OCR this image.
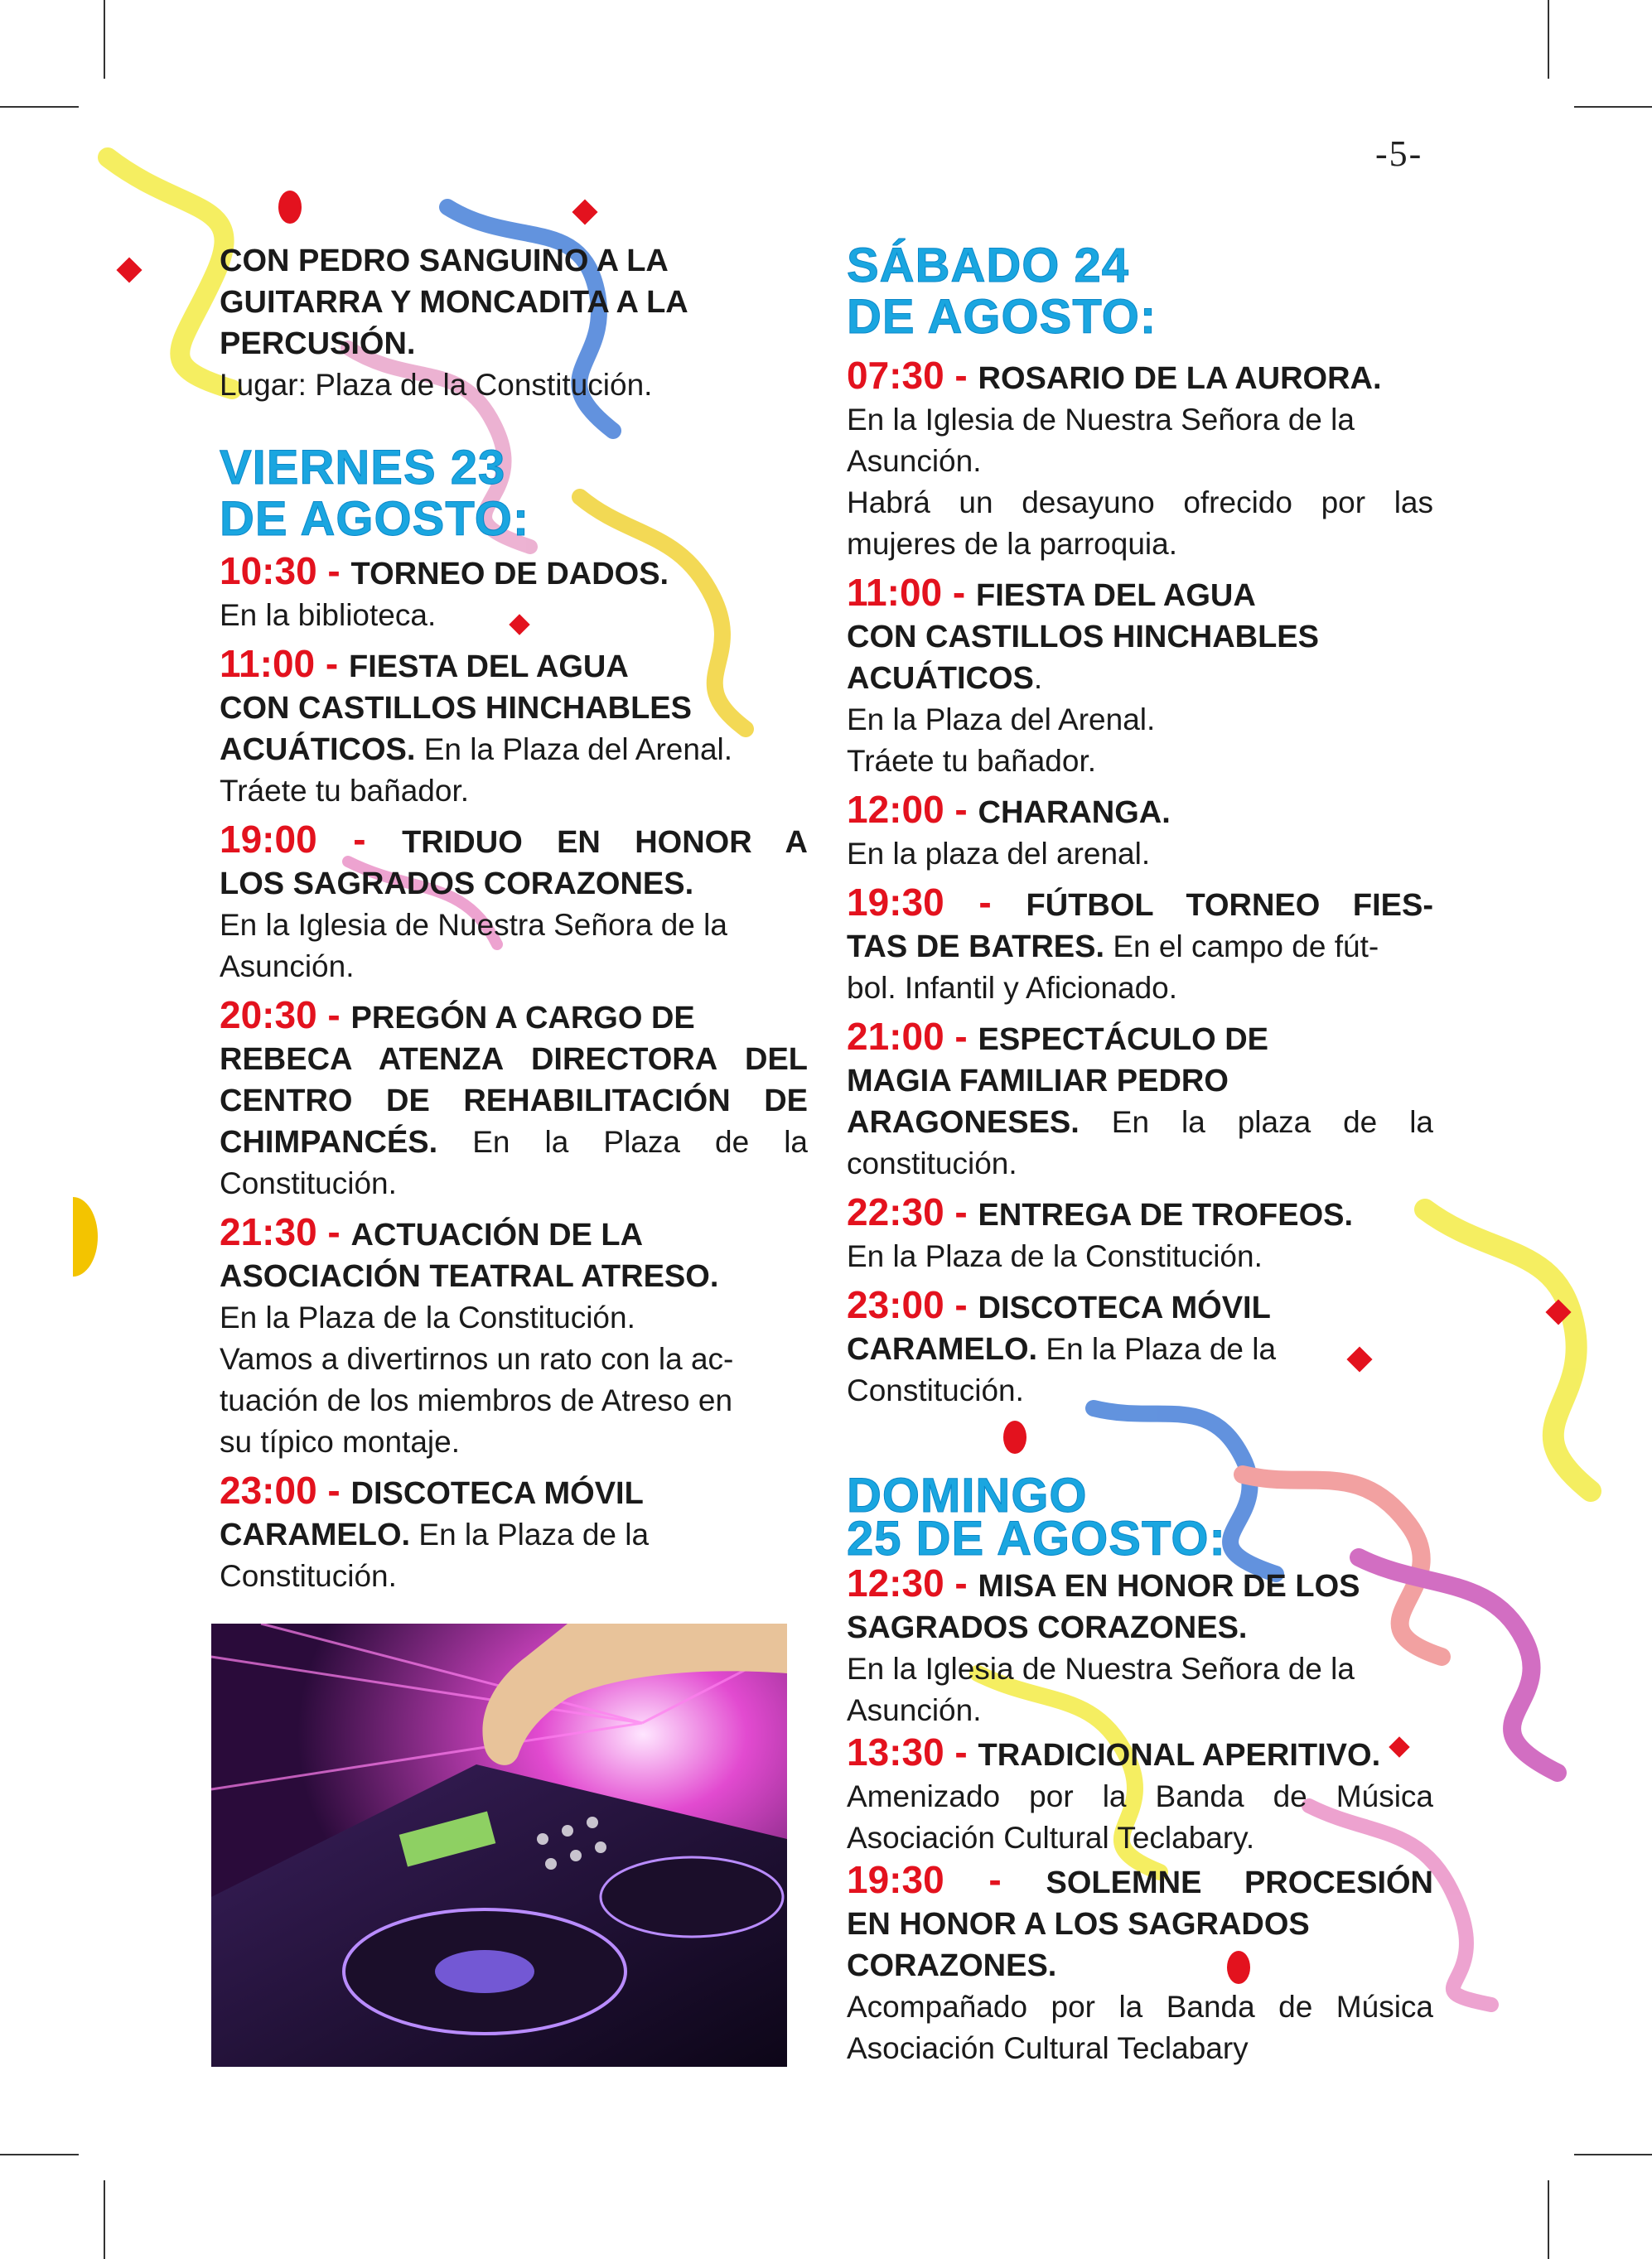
-5-

CON PEDRO SANGUINO A LA
GUITARRA Y MONCADITA A LA
PERCUSIÓN.

Lugar: Plaza de la Constitución.

VIERNES 23
DE AGOSTO:

10:30 - TORNEO DE DADOS.

En la biblioteca.

11:00 - FIESTA DEL AGUA

CON CASTILLOS HINCHABLES

ACUÁTICOS. En la Plaza del Arenal.

Tráete tu bañador.

19:00 - TRIDUO EN HONOR A

LOS SAGRADOS CORAZONES.

En la Iglesia de Nuestra Señora de la

Asunción.

20:30 - PREGÓN A CARGO DE

REBECA ATENZA DIRECTORA DEL

CENTRO DE REHABILITACIÓN DE

CHIMPANCÉS. En la Plaza de la

Constitución.

21:30 - ACTUACIÓN DE LA

ASOCIACIÓN TEATRAL ATRESO.

En la Plaza de la Constitución.

Vamos a divertirnos un rato con la ac-

tuación de los miembros de Atreso en

su típico montaje.

23:00 - DISCOTECA MÓVIL

CARAMELO. En la Plaza de la

Constitución.

SÁBADO 24
DE AGOSTO:

07:30 - ROSARIO DE LA AURORA.

En la Iglesia de Nuestra Señora de la

Asunción.

Habrá un desayuno ofrecido por las

mujeres de la parroquia.

11:00 - FIESTA DEL AGUA

CON CASTILLOS HINCHABLES

ACUÁTICOS.

En la Plaza del Arenal.

Tráete tu bañador.

12:00 - CHARANGA.

En la plaza del arenal.

19:30 - FÚTBOL TORNEO FIES-

TAS DE BATRES. En el campo de fút-

bol. Infantil y Aficionado.

21:00 - ESPECTÁCULO DE

MAGIA FAMILIAR PEDRO

ARAGONESES. En la plaza de la

constitución.

22:30 - ENTREGA DE TROFEOS.

En la Plaza de la Constitución.

23:00 - DISCOTECA MÓVIL

CARAMELO. En la Plaza de la

Constitución.

DOMINGO
25 DE AGOSTO:

12:30 - MISA EN HONOR DE LOS

SAGRADOS CORAZONES.

En la Iglesia de Nuestra Señora de la

Asunción.

13:30 - TRADICIONAL APERITIVO.

Amenizado por la Banda de Música

Asociación Cultural Teclabary.

19:30 - SOLEMNE PROCESIÓN

EN HONOR A LOS SAGRADOS

CORAZONES.

Acompañado por la Banda de Música

Asociación Cultural Teclabary
